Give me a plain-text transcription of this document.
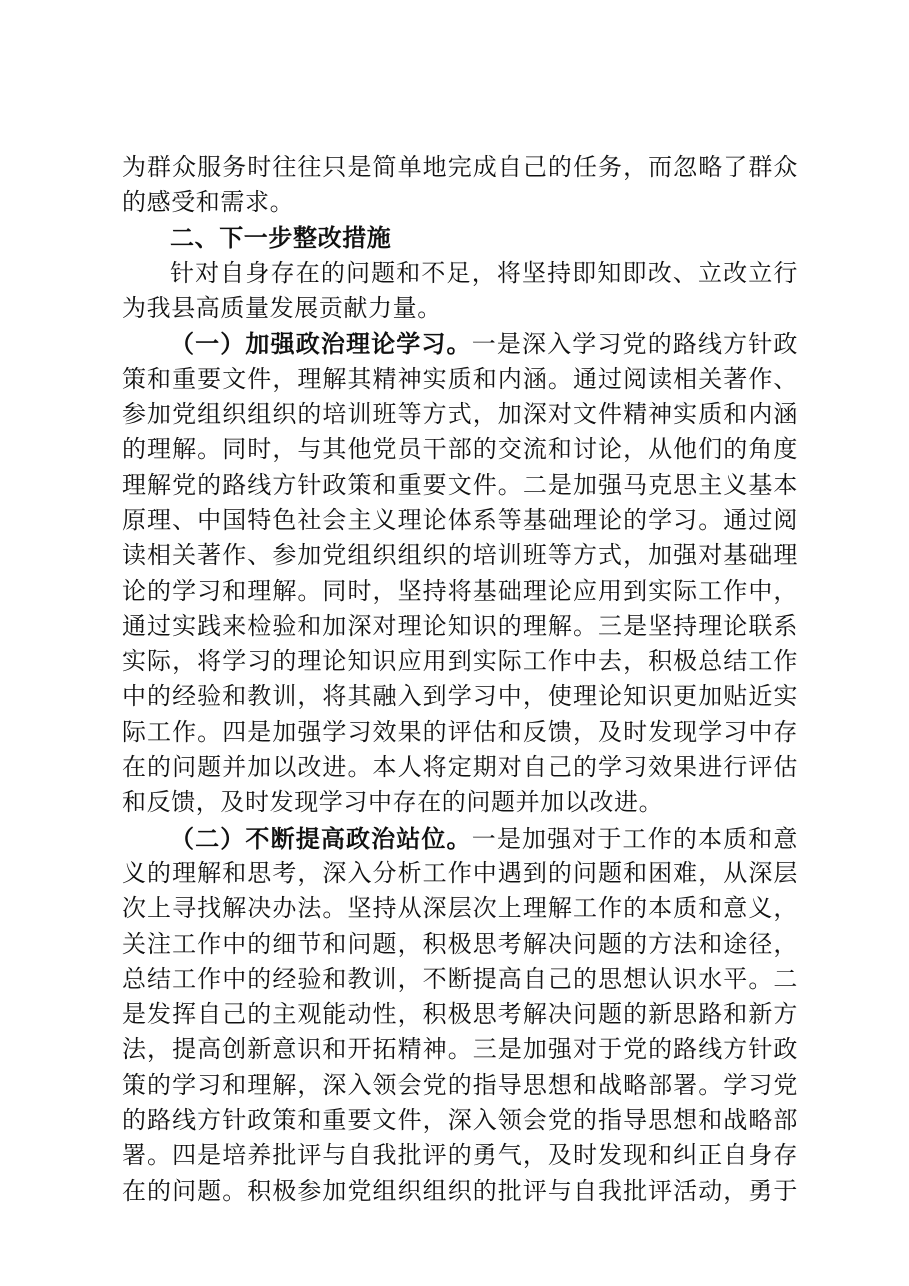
为群众服务时往往只是简单地完成自己的任务，而忽略了群众
的感受和需求。
二、下一步整改措施
针对自身存在的问题和不足，将坚持即知即改、立改立行
为我县高质量发展贡献力量。
（一）加强政治理论学习。一是深入学习党的路线方针政
策和重要文件，理解其精神实质和内涵。通过阅读相关著作、
参加党组织组织的培训班等方式，加深对文件精神实质和内涵
的理解。同时，与其他党员干部的交流和讨论，从他们的角度
理解党的路线方针政策和重要文件。二是加强马克思主义基本
原理、中国特色社会主义理论体系等基础理论的学习。通过阅
读相关著作、参加党组织组织的培训班等方式，加强对基础理
论的学习和理解。同时，坚持将基础理论应用到实际工作中，
通过实践来检验和加深对理论知识的理解。三是坚持理论联系
实际，将学习的理论知识应用到实际工作中去，积极总结工作
中的经验和教训，将其融入到学习中，使理论知识更加贴近实
际工作。四是加强学习效果的评估和反馈，及时发现学习中存
在的问题并加以改进。本人将定期对自己的学习效果进行评估
和反馈，及时发现学习中存在的问题并加以改进。
（二）不断提高政治站位。一是加强对于工作的本质和意
义的理解和思考，深入分析工作中遇到的问题和困难，从深层
次上寻找解决办法。坚持从深层次上理解工作的本质和意义，
关注工作中的细节和问题，积极思考解决问题的方法和途径，
总结工作中的经验和教训，不断提高自己的思想认识水平。二
是发挥自己的主观能动性，积极思考解决问题的新思路和新方
法，提高创新意识和开拓精神。三是加强对于党的路线方针政
策的学习和理解，深入领会党的指导思想和战略部署。学习党
的路线方针政策和重要文件，深入领会党的指导思想和战略部
署。四是培养批评与自我批评的勇气，及时发现和纠正自身存
在的问题。积极参加党组织组织的批评与自我批评活动，勇于
